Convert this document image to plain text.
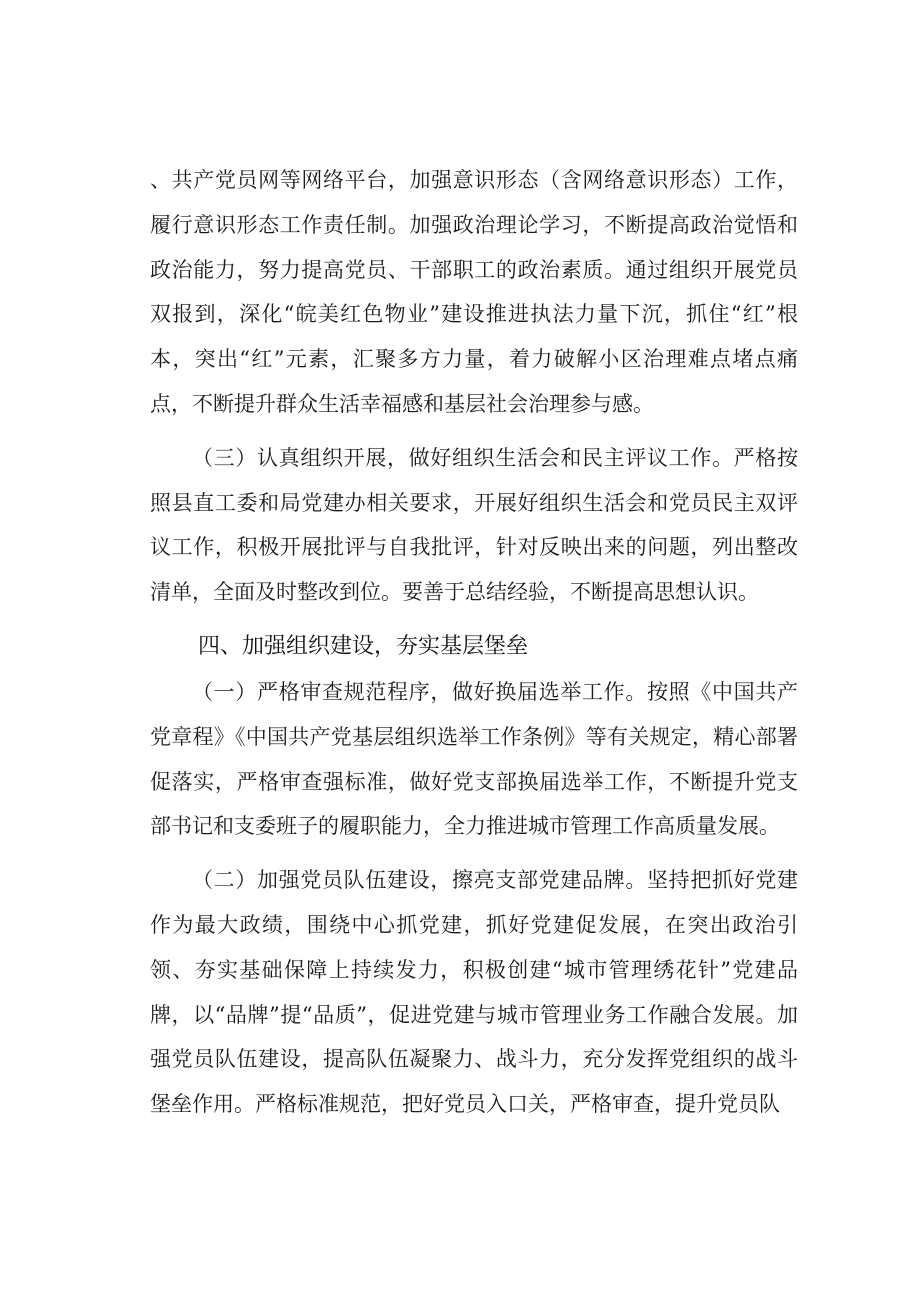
、共产党员网等网络平台，加强意识形态（含网络意识形态）工作，履行意识形态工作责任制。加强政治理论学习，不断提高政治觉悟和政治能力，努力提高党员、干部职工的政治素质。通过组织开展党员双报到，深化“皖美红色物业”建设推进执法力量下沉，抓住“红”根本，突出“红”元素，汇聚多方力量，着力破解小区治理难点堵点痛点，不断提升群众生活幸福感和基层社会治理参与感。

（三）认真组织开展，做好组织生活会和民主评议工作。严格按照县直工委和局党建办相关要求，开展好组织生活会和党员民主双评议工作，积极开展批评与自我批评，针对反映出来的问题，列出整改清单，全面及时整改到位。要善于总结经验，不断提高思想认识。

四、加强组织建设，夯实基层堡垒

（一）严格审查规范程序，做好换届选举工作。按照《中国共产党章程》《中国共产党基层组织选举工作条例》等有关规定，精心部署促落实，严格审查强标准，做好党支部换届选举工作，不断提升党支部书记和支委班子的履职能力，全力推进城市管理工作高质量发展。

（二）加强党员队伍建设，擦亮支部党建品牌。坚持把抓好党建作为最大政绩，围绕中心抓党建，抓好党建促发展，在突出政治引领、夯实基础保障上持续发力，积极创建“城市管理绣花针”党建品牌，以“品牌”提“品质”，促进党建与城市管理业务工作融合发展。加强党员队伍建设，提高队伍凝聚力、战斗力，充分发挥党组织的战斗堡垒作用。严格标准规范，把好党员入口关，严格审查，提升党员队
